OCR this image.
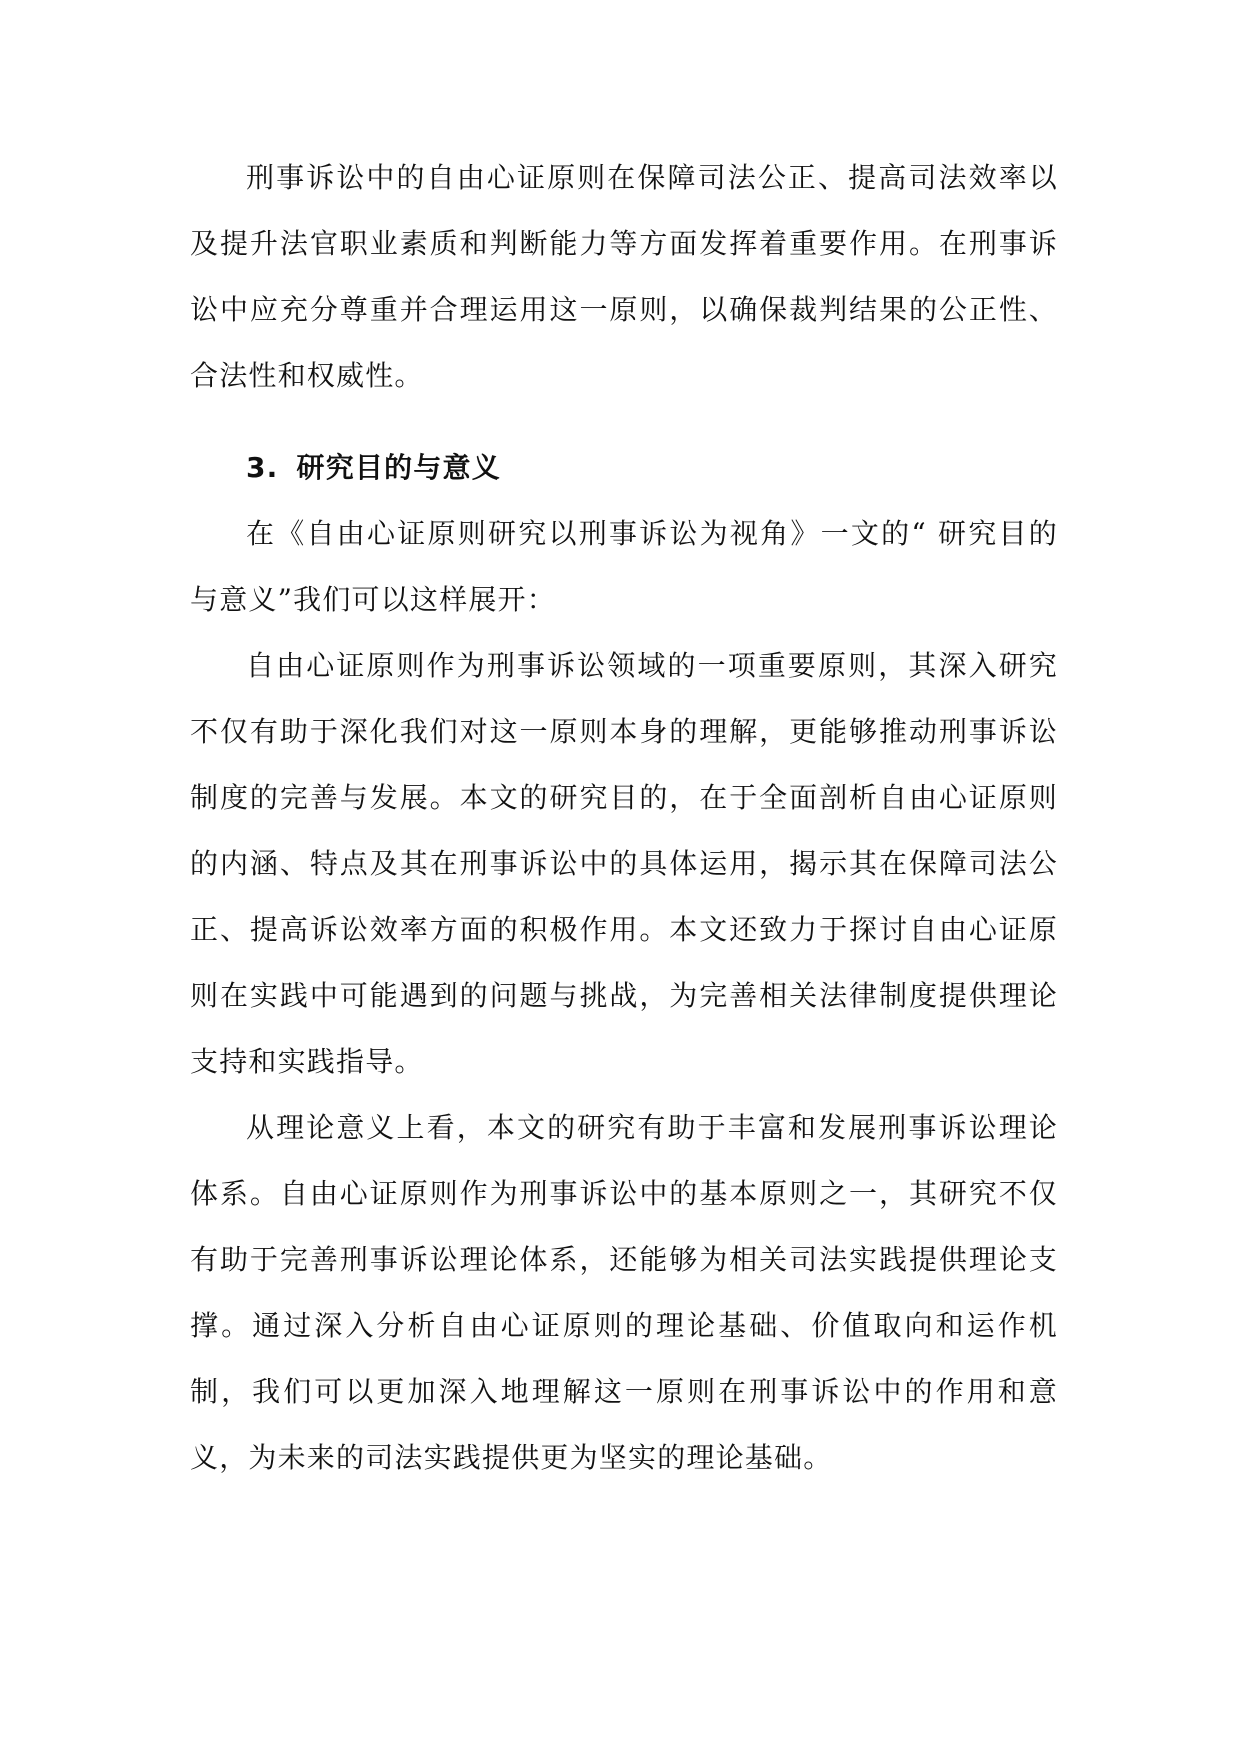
刑事诉讼中的自由心证原则在保障司法公正、提高司法效率以及提升法官职业素质和判断能力等方面发挥着重要作用。在刑事诉讼中应充分尊重并合理运用这一原则，以确保裁判结果的公正性、合法性和权威性。

3. 研究目的与意义

在《自由心证原则研究以刑事诉讼为视角》一文的“ 研究目的与意义”我们可以这样展开：

自由心证原则作为刑事诉讼领域的一项重要原则，其深入研究不仅有助于深化我们对这一原则本身的理解，更能够推动刑事诉讼制度的完善与发展。本文的研究目的，在于全面剖析自由心证原则的内涵、特点及其在刑事诉讼中的具体运用，揭示其在保障司法公正、提高诉讼效率方面的积极作用。本文还致力于探讨自由心证原则在实践中可能遇到的问题与挑战，为完善相关法律制度提供理论支持和实践指导。

从理论意义上看，本文的研究有助于丰富和发展刑事诉讼理论体系。自由心证原则作为刑事诉讼中的基本原则之一，其研究不仅有助于完善刑事诉讼理论体系，还能够为相关司法实践提供理论支撑。通过深入分析自由心证原则的理论基础、价值取向和运作机制，我们可以更加深入地理解这一原则在刑事诉讼中的作用和意义，为未来的司法实践提供更为坚实的理论基础。
